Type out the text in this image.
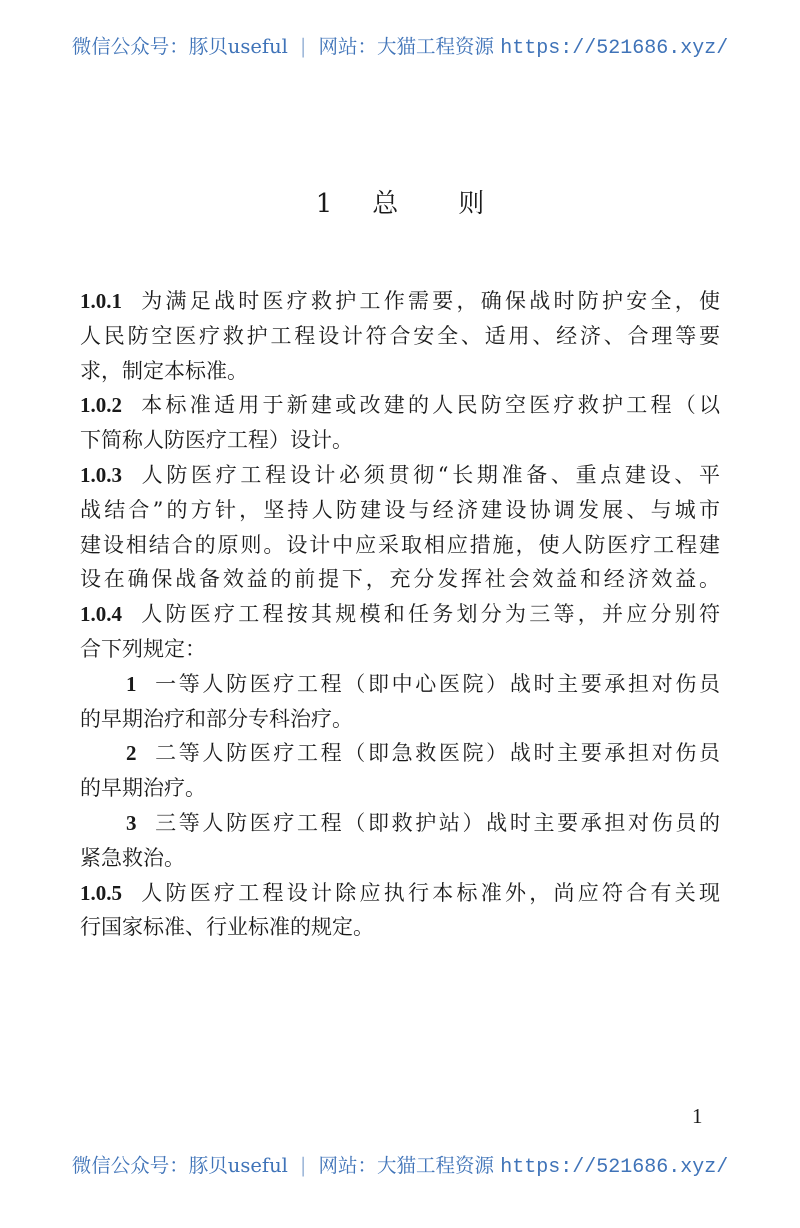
微信公众号：豚贝useful | 网站：大猫工程资源 https://521686.xyz/
1 总 则
1.0.1 为满足战时医疗救护工作需要，确保战时防护安全，使
人民防空医疗救护工程设计符合安全、适用、经济、合理等要
求，制定本标准。
1.0.2 本标准适用于新建或改建的人民防空医疗救护工程（以
下简称人防医疗工程）设计。
1.0.3 人防医疗工程设计必须贯彻“长期准备、重点建设、平
战结合”的方针，坚持人防建设与经济建设协调发展、与城市
建设相结合的原则。设计中应采取相应措施，使人防医疗工程建
设在确保战备效益的前提下，充分发挥社会效益和经济效益。
1.0.4 人防医疗工程按其规模和任务划分为三等，并应分别符
合下列规定：
1 一等人防医疗工程（即中心医院）战时主要承担对伤员
的早期治疗和部分专科治疗。
2 二等人防医疗工程（即急救医院）战时主要承担对伤员
的早期治疗。
3 三等人防医疗工程（即救护站）战时主要承担对伤员的
紧急救治。
1.0.5 人防医疗工程设计除应执行本标准外，尚应符合有关现
行国家标准、行业标准的规定。
1
微信公众号：豚贝useful | 网站：大猫工程资源 https://521686.xyz/
